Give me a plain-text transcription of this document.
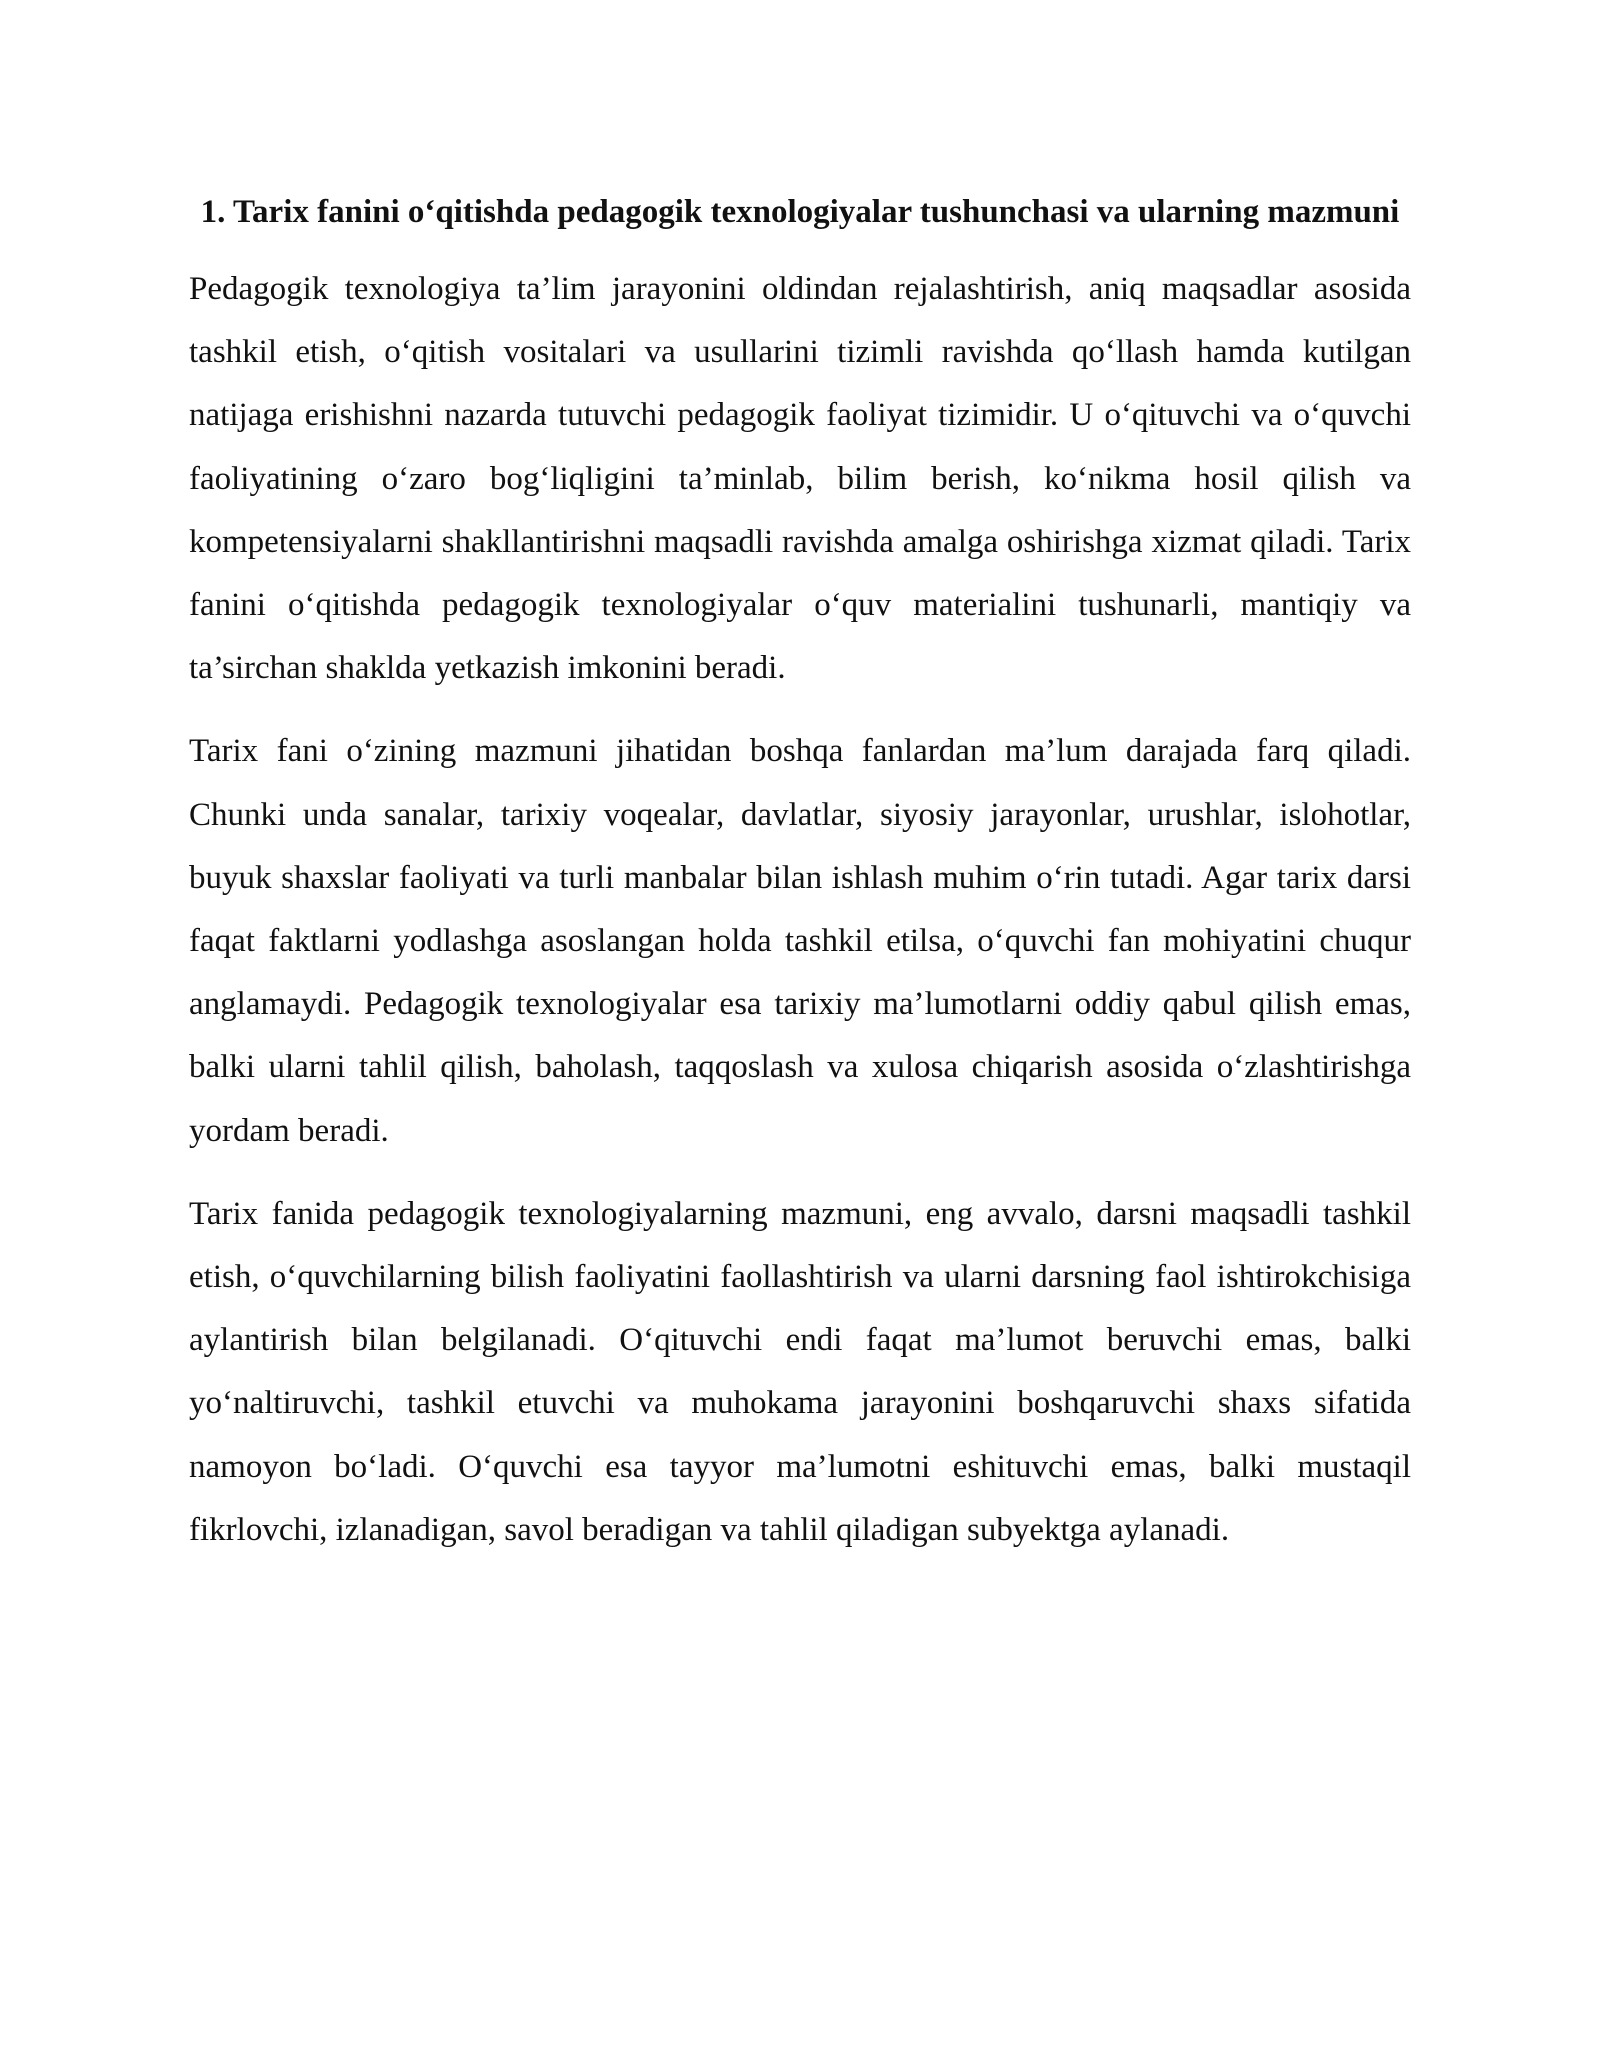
1. Tarix fanini o‘qitishda pedagogik texnologiyalar tushunchasi va ularning mazmuni

Pedagogik texnologiya ta’lim jarayonini oldindan rejalashtirish, aniq maqsadlar asosida tashkil etish, o‘qitish vositalari va usullarini tizimli ravishda qo‘llash hamda kutilgan natijaga erishishni nazarda tutuvchi pedagogik faoliyat tizimidir. U o‘qituvchi va o‘quvchi faoliyatining o‘zaro bog‘liqligini ta’minlab, bilim berish, ko‘nikma hosil qilish va kompetensiyalarni shakllantirishni maqsadli ravishda amalga oshirishga xizmat qiladi. Tarix fanini o‘qitishda pedagogik texnologiyalar o‘quv materialini tushunarli, mantiqiy va ta’sirchan shaklda yetkazish imkonini beradi.

Tarix fani o‘zining mazmuni jihatidan boshqa fanlardan ma’lum darajada farq qiladi. Chunki unda sanalar, tarixiy voqealar, davlatlar, siyosiy jarayonlar, urushlar, islohotlar, buyuk shaxslar faoliyati va turli manbalar bilan ishlash muhim o‘rin tutadi. Agar tarix darsi faqat faktlarni yodlashga asoslangan holda tashkil etilsa, o‘quvchi fan mohiyatini chuqur anglamaydi. Pedagogik texnologiyalar esa tarixiy ma’lumotlarni oddiy qabul qilish emas, balki ularni tahlil qilish, baholash, taqqoslash va xulosa chiqarish asosida o‘zlashtirishga yordam beradi.

Tarix fanida pedagogik texnologiyalarning mazmuni, eng avvalo, darsni maqsadli tashkil etish, o‘quvchilarning bilish faoliyatini faollashtirish va ularni darsning faol ishtirokchisiga aylantirish bilan belgilanadi. O‘qituvchi endi faqat ma’lumot beruvchi emas, balki yo‘naltiruvchi, tashkil etuvchi va muhokama jarayonini boshqaruvchi shaxs sifatida namoyon bo‘ladi. O‘quvchi esa tayyor ma’lumotni eshituvchi emas, balki mustaqil fikrlovchi, izlanadigan, savol beradigan va tahlil qiladigan subyektga aylanadi.
